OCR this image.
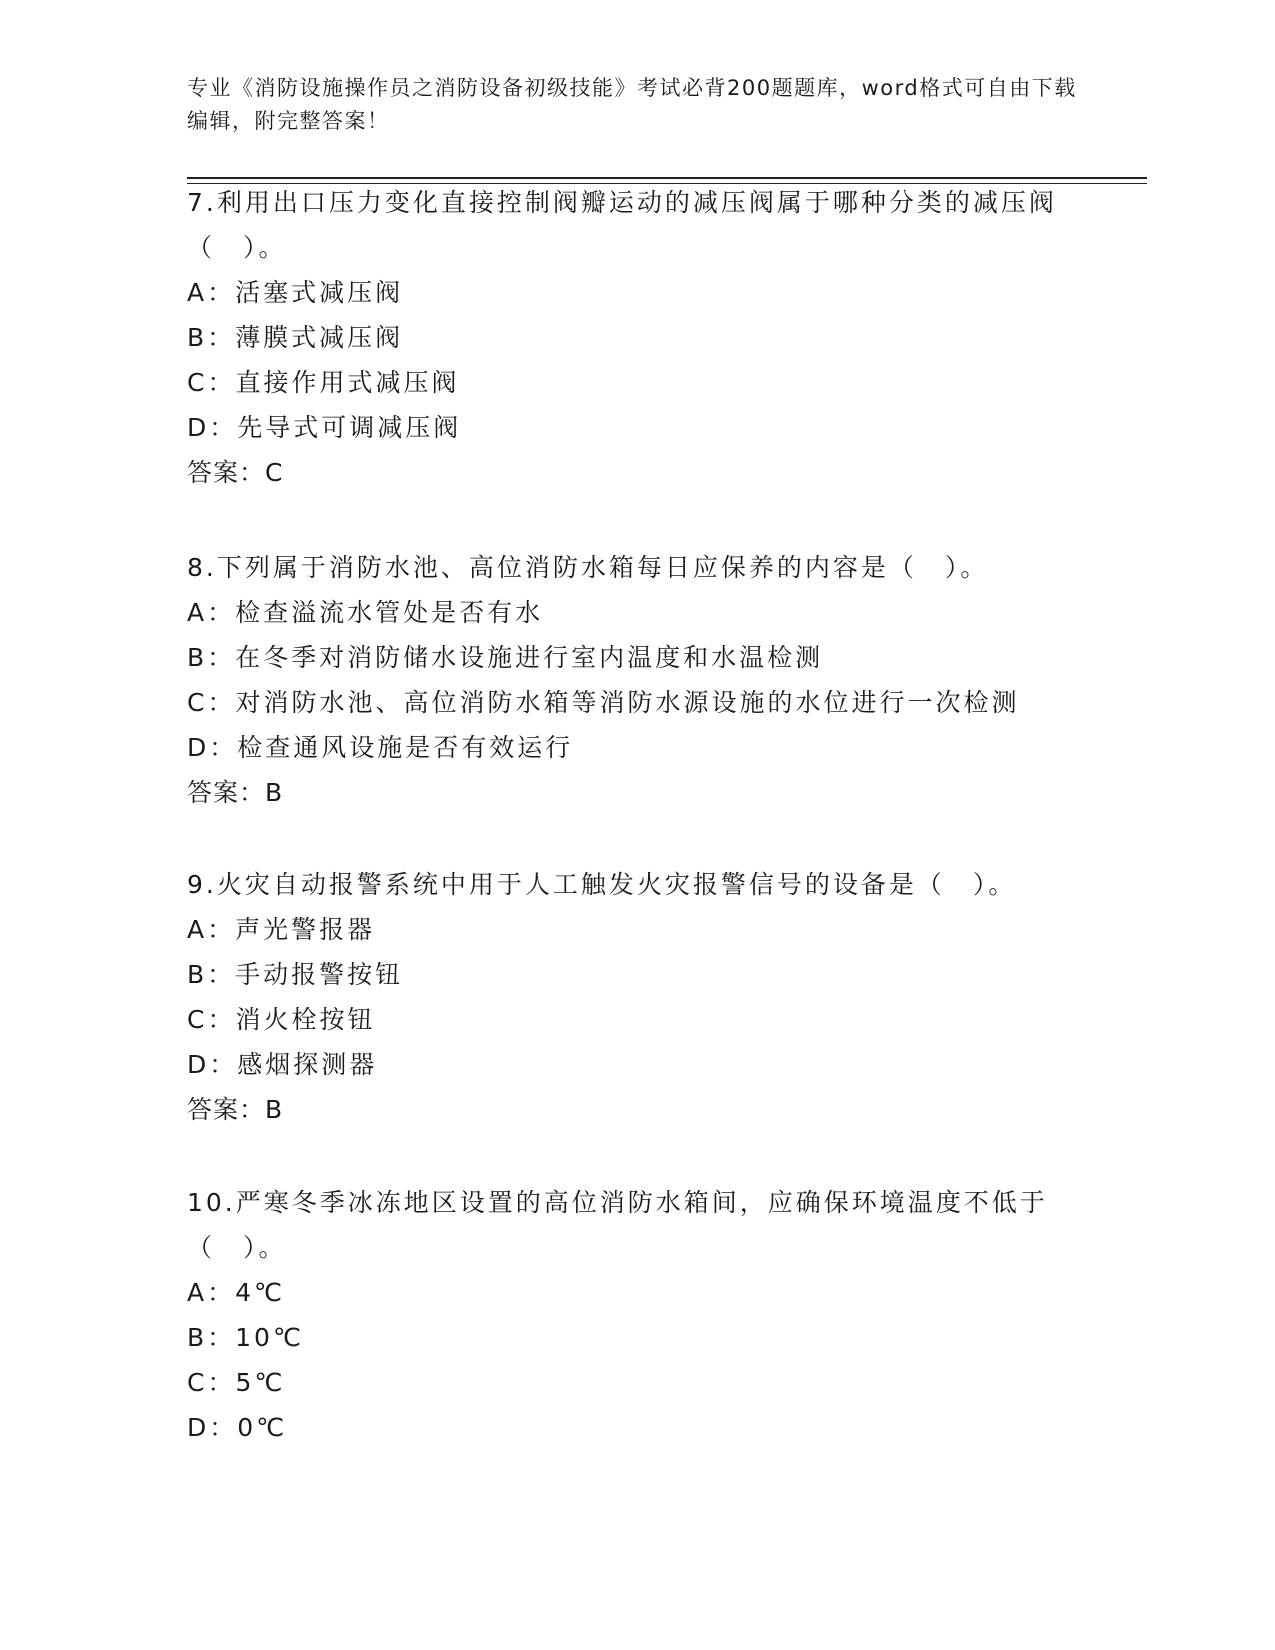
专业《消防设施操作员之消防设备初级技能》考试必背200题题库，word格式可自由下载编辑，附完整答案！

7.利用出口压力变化直接控制阀瓣运动的减压阀属于哪种分类的减压阀（　）。

A：活塞式减压阀

B：薄膜式减压阀

C：直接作用式减压阀

D：先导式可调减压阀

答案：C

8.下列属于消防水池、高位消防水箱每日应保养的内容是（　）。

A：检查溢流水管处是否有水

B：在冬季对消防储水设施进行室内温度和水温检测

C：对消防水池、高位消防水箱等消防水源设施的水位进行一次检测

D：检查通风设施是否有效运行

答案：B

9.火灾自动报警系统中用于人工触发火灾报警信号的设备是（　）。

A：声光警报器

B：手动报警按钮

C：消火栓按钮

D：感烟探测器

答案：B

10.严寒冬季冰冻地区设置的高位消防水箱间，应确保环境温度不低于（　）。

A：4℃

B：10℃

C：5℃

D：0℃
